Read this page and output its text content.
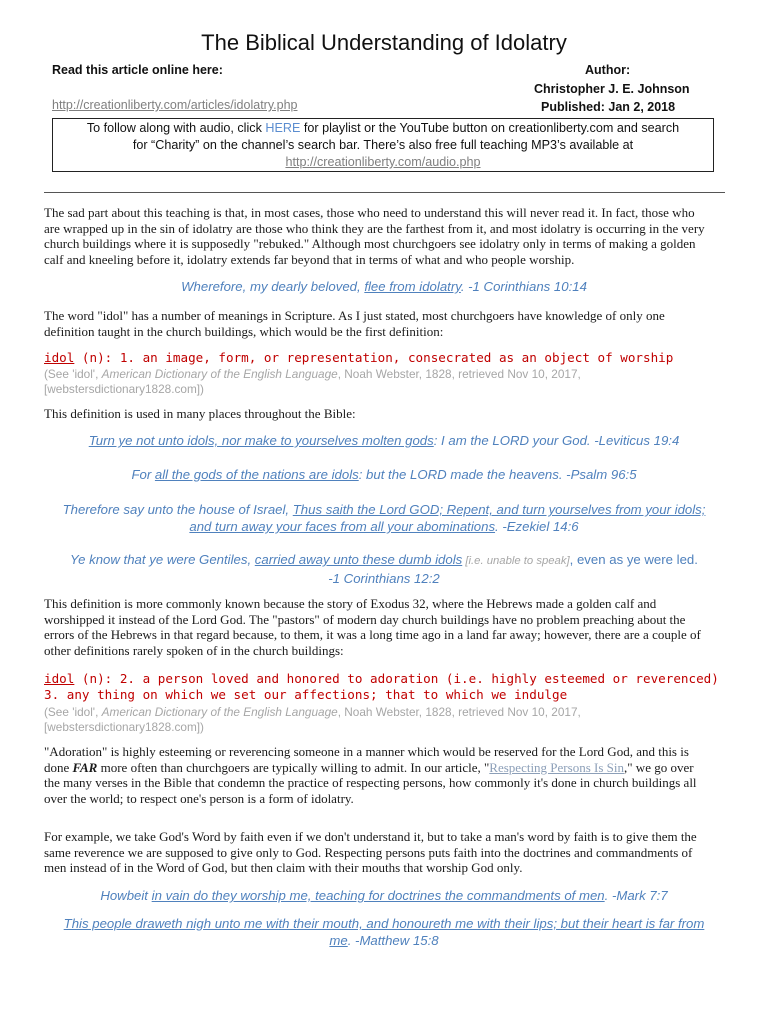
The Biblical Understanding of Idolatry
Read this article online here:	Author:
Christopher J. E. Johnson
Published: Jan 2, 2018
http://creationliberty.com/articles/idolatry.php
To follow along with audio, click HERE for playlist or the YouTube button on creationliberty.com and search
for “Charity” on the channel’s search bar. There’s also free full teaching MP3’s available at
http://creationliberty.com/audio.php
The sad part about this teaching is that, in most cases, those who need to understand this will never read it. In fact, those who are wrapped up in the sin of idolatry are those who think they are the farthest from it, and most idolatry is occurring in the very church buildings where it is supposedly "rebuked." Although most churchgoers see idolatry only in terms of making a golden calf and kneeling before it, idolatry extends far beyond that in terms of what and who people worship.
Wherefore, my dearly beloved, flee from idolatry. -1 Corinthians 10:14
The word "idol" has a number of meanings in Scripture. As I just stated, most churchgoers have knowledge of only one definition taught in the church buildings, which would be the first definition:
idol (n): 1. an image, form, or representation, consecrated as an object of worship
(See 'idol', American Dictionary of the English Language, Noah Webster, 1828, retrieved Nov 10, 2017,[webstersdictionary1828.com])
This definition is used in many places throughout the Bible:
Turn ye not unto idols, nor make to yourselves molten gods: I am the LORD your God. -Leviticus 19:4
For all the gods of the nations are idols: but the LORD made the heavens. -Psalm 96:5
Therefore say unto the house of Israel, Thus saith the Lord GOD; Repent, and turn yourselves from your idols;
and turn away your faces from all your abominations. -Ezekiel 14:6
Ye know that ye were Gentiles, carried away unto these dumb idols [i.e. unable to speak], even as ye were led.
-1 Corinthians 12:2
This definition is more commonly known because the story of Exodus 32, where the Hebrews made a golden calf and worshipped it instead of the Lord God. The "pastors" of modern day church buildings have no problem preaching about the errors of the Hebrews in that regard because, to them, it was a long time ago in a land far away; however, there are a couple of other definitions rarely spoken of in the church buildings:
idol (n): 2. a person loved and honored to adoration (i.e. highly esteemed or reverenced)
3. any thing on which we set our affections; that to which we indulge
(See 'idol', American Dictionary of the English Language, Noah Webster, 1828, retrieved Nov 10, 2017,[webstersdictionary1828.com])
"Adoration" is highly esteeming or reverencing someone in a manner which would be reserved for the Lord God, and this is done FAR more often than churchgoers are typically willing to admit. In our article, "Respecting Persons Is Sin," we go over the many verses in the Bible that condemn the practice of respecting persons, how commonly it's done in church buildings all over the world; to respect one's person is a form of idolatry.
For example, we take God's Word by faith even if we don't understand it, but to take a man's word by faith is to give them the same reverence we are supposed to give only to God. Respecting persons puts faith into the doctrines and commandments of men instead of in the Word of God, but then claim with their mouths that worship God only.
Howbeit in vain do they worship me, teaching for doctrines the commandments of men. -Mark 7:7
This people draweth nigh unto me with their mouth, and honoureth me with their lips; but their heart is far from
me. -Matthew 15:8
